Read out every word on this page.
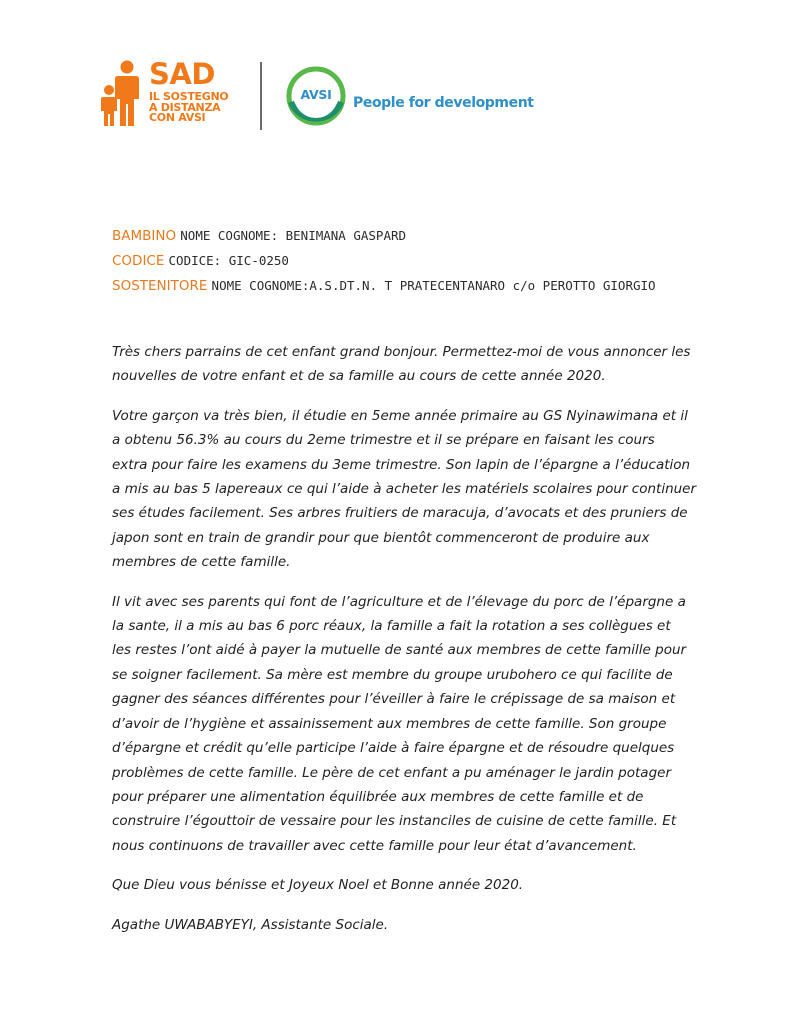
SAD
IL SOSTEGNO
A DISTANZA
CON AVSI
AVSI
People for development
BAMBINO NOME COGNOME: BENIMANA GASPARD
CODICE CODICE: GIC-0250
SOSTENITORE NOME COGNOME:A.S.DT.N. T PRATECENTANARO c/o PEROTTO GIORGIO

Très chers parrains de cet enfant grand bonjour. Permettez-moi de vous annoncer les
nouvelles de votre enfant et de sa famille au cours de cette année 2020.

Votre garçon va très bien, il étudie en 5eme année primaire au GS Nyinawimana et il
a obtenu 56.3% au cours du 2eme trimestre et il se prépare en faisant les cours
extra pour faire les examens du 3eme trimestre. Son lapin de l’épargne a l’éducation
a mis au bas 5 lapereaux ce qui l’aide à acheter les matériels scolaires pour continuer
ses études facilement. Ses arbres fruitiers de maracuja, d’avocats et des pruniers de
japon sont en train de grandir pour que bientôt commenceront de produire aux
membres de cette famille.

Il vit avec ses parents qui font de l’agriculture et de l’élevage du porc de l’épargne a
la sante, il a mis au bas 6 porc réaux, la famille a fait la rotation a ses collègues et
les restes l’ont aidé à payer la mutuelle de santé aux membres de cette famille pour
se soigner facilement. Sa mère est membre du groupe urubohero ce qui facilite de
gagner des séances différentes pour l’éveiller à faire le crépissage de sa maison et
d’avoir de l’hygiène et assainissement aux membres de cette famille. Son groupe
d’épargne et crédit qu’elle participe l’aide à faire épargne et de résoudre quelques
problèmes de cette famille. Le père de cet enfant a pu aménager le jardin potager
pour préparer une alimentation équilibrée aux membres de cette famille et de
construire l’égouttoir de vessaire pour les instanciles de cuisine de cette famille. Et
nous continuons de travailler avec cette famille pour leur état d’avancement.

Que Dieu vous bénisse et Joyeux Noel et Bonne année 2020.

Agathe UWABABYEYI, Assistante Sociale.
